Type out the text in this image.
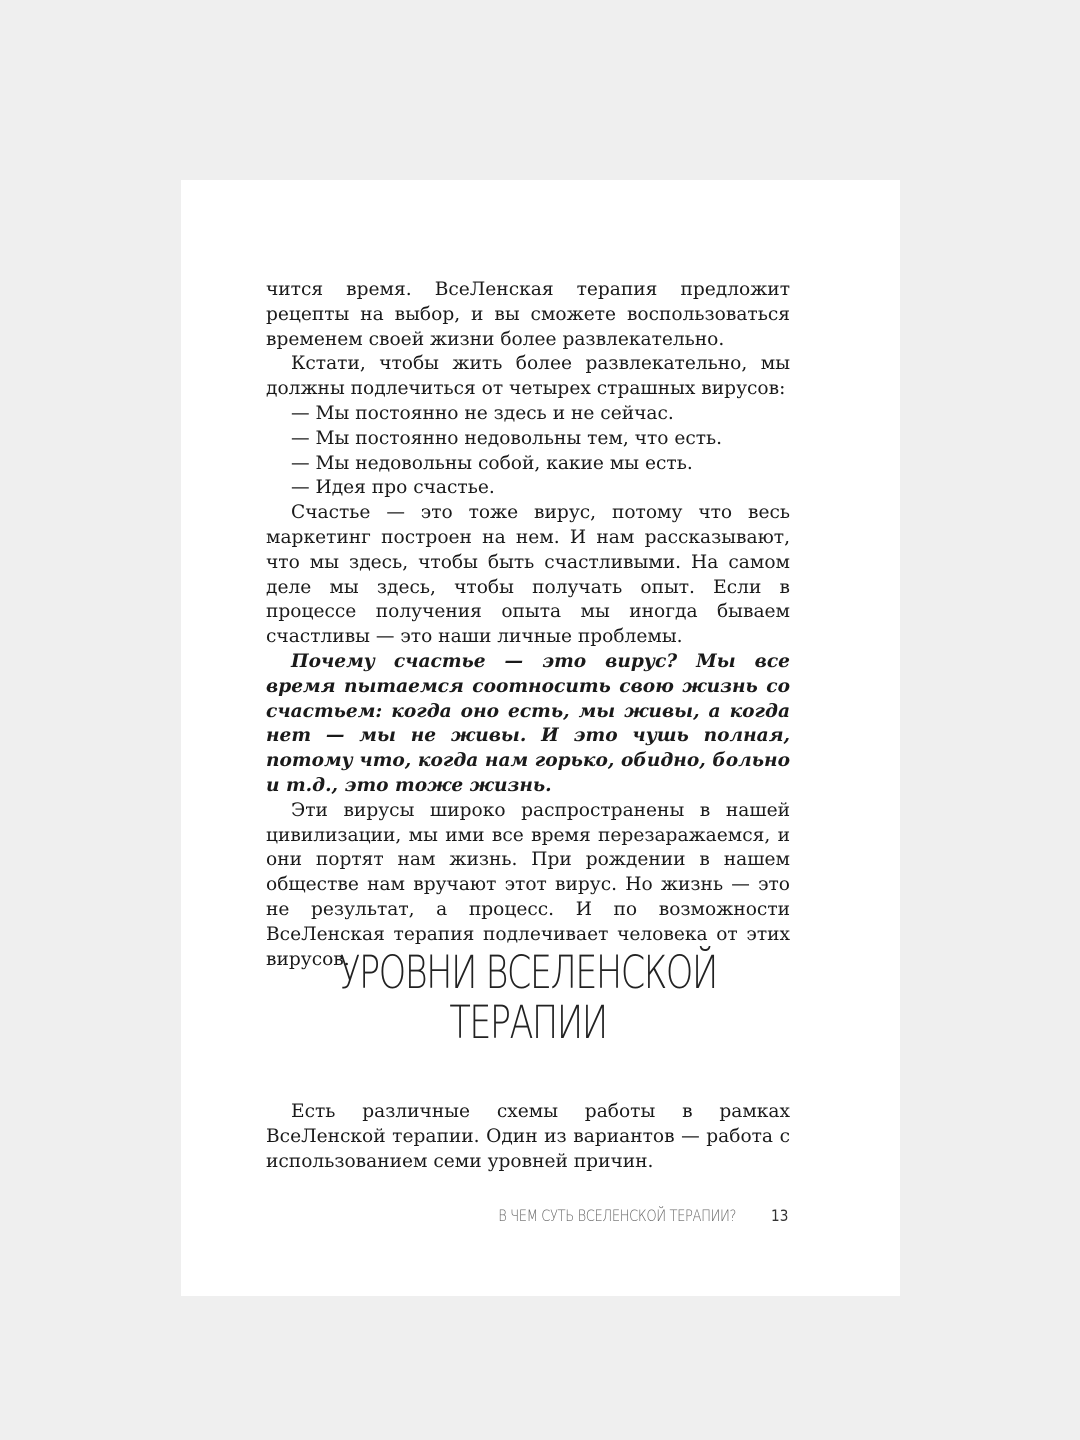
чится время. ВсеЛенская терапия предложит рецепты на выбор, и вы сможете воспользоваться временем своей жизни более развлекательно.

Кстати, чтобы жить более развлекательно, мы должны подлечиться от четырех страшных вирусов:

— Мы постоянно не здесь и не сейчас.

— Мы постоянно недовольны тем, что есть.

— Мы недовольны собой, какие мы есть.

— Идея про счастье.

Счастье — это тоже вирус, потому что весь маркетинг построен на нем. И нам рассказывают, что мы здесь, чтобы быть счастливыми. На самом деле мы здесь, чтобы получать опыт. Если в процессе получения опыта мы иногда бываем счастливы — это наши личные проблемы.

Почему счастье — это вирус? Мы все время пытаемся соотносить свою жизнь со счастьем: когда оно есть, мы живы, а когда нет — мы не живы. И это чушь полная, потому что, когда нам горько, обидно, больно и т.д., это тоже жизнь.

Эти вирусы широко распространены в нашей цивилизации, мы ими все время перезаражаемся, и они портят нам жизнь. При рождении в нашем обществе нам вручают этот вирус. Но жизнь — это не результат, а процесс. И по возможности ВсеЛенская терапия подлечивает человека от этих вирусов.

УРОВНИ ВСЕЛЕНСКОЙ
ТЕРАПИИ

Есть различные схемы работы в рамках ВсеЛенской терапии. Один из вариантов — работа с использованием семи уровней причин.

В ЧЕМ СУТЬ ВСЕЛЕНСКОЙ ТЕРАПИИ? 13
